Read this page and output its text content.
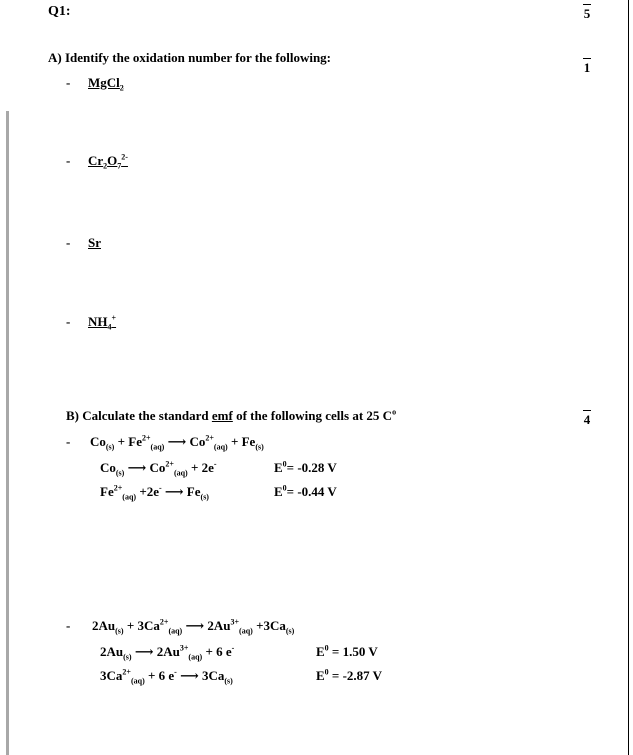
Q1:	5
1
4
A) Identify the oxidation number for the following:
- MgCl$_2$
- $Cr_2O_7^{2-}$
- Sr
- $NH_4^+$
B) Calculate the standard emf of the following cells at 25 $C^o$
- $Co_{(s)} + Fe^{2+}_{(aq)}$ ⟶ $Co^{2+}_{(aq)} + Fe_{(s)}$
$Co_{(s)}$ ⟶ $Co^{2+}_{(aq)} + 2e^-$	$E^0= -0.28$ V
$Fe^{2+}_{(aq)} +2e^-$ ⟶ $Fe_{(s)}$	$E^0= -0.44$ V
- $2Au_{(s)} + 3Ca^{2+}_{(aq)}$ ⟶ $2Au^{3+}_{(aq)} +3Ca_{(s)}$
$2Au_{(s)}$ ⟶ $2Au^{3+}_{(aq)} + 6$ e-	$E^0 = 1.50$ V
$3Ca^{2+}_{(aq)} + 6$ e- ⟶ $3Ca_{(s)}$	$E^0 = -2.87$ V
